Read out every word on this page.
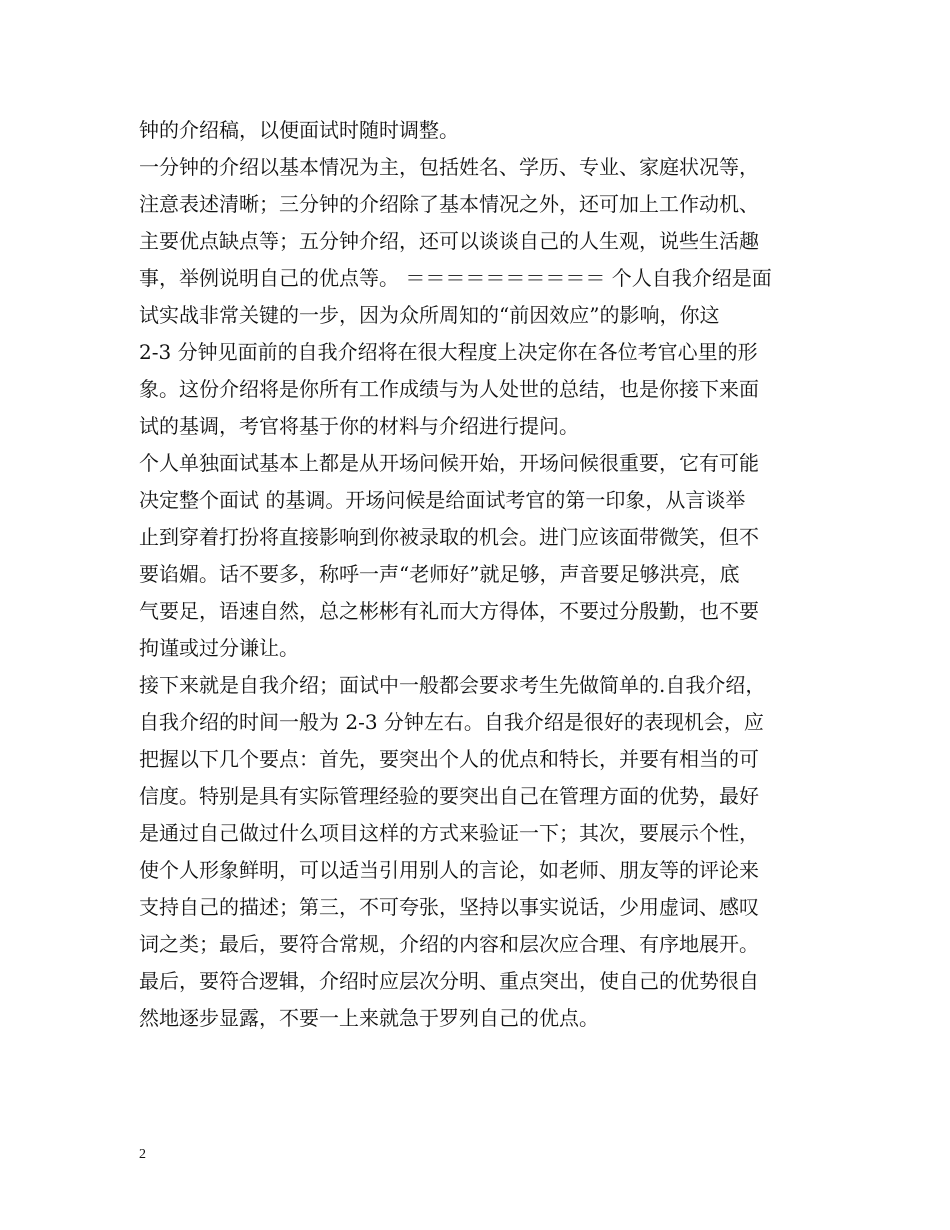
钟的介绍稿，以便面试时随时调整。
一分钟的介绍以基本情况为主，包括姓名、学历、专业、家庭状况等，
注意表述清晰；三分钟的介绍除了基本情况之外，还可加上工作动机、
主要优点缺点等；五分钟介绍，还可以谈谈自己的人生观，说些生活趣
事，举例说明自己的优点等。 ＝＝＝＝＝＝＝＝＝＝ 个人自我介绍是面
试实战非常关键的一步，因为众所周知的“前因效应”的影响，你这
2-3 分钟见面前的自我介绍将在很大程度上决定你在各位考官心里的形
象。这份介绍将是你所有工作成绩与为人处世的总结，也是你接下来面
试的基调，考官将基于你的材料与介绍进行提问。
个人单独面试基本上都是从开场问候开始，开场问候很重要，它有可能
决定整个面试 的基调。开场问候是给面试考官的第一印象，从言谈举
止到穿着打扮将直接影响到你被录取的机会。进门应该面带微笑，但不
要谄媚。话不要多，称呼一声“老师好”就足够，声音要足够洪亮，底
气要足，语速自然，总之彬彬有礼而大方得体，不要过分殷勤，也不要
拘谨或过分谦让。
接下来就是自我介绍；面试中一般都会要求考生先做简单的.自我介绍，
自我介绍的时间一般为 2-3 分钟左右。自我介绍是很好的表现机会，应
把握以下几个要点：首先，要突出个人的优点和特长，并要有相当的可
信度。特别是具有实际管理经验的要突出自己在管理方面的优势，最好
是通过自己做过什么项目这样的方式来验证一下；其次，要展示个性，
使个人形象鲜明，可以适当引用别人的言论，如老师、朋友等的评论来
支持自己的描述；第三，不可夸张，坚持以事实说话，少用虚词、感叹
词之类；最后，要符合常规，介绍的内容和层次应合理、有序地展开。
最后，要符合逻辑，介绍时应层次分明、重点突出，使自己的优势很自
然地逐步显露，不要一上来就急于罗列自己的优点。
2
